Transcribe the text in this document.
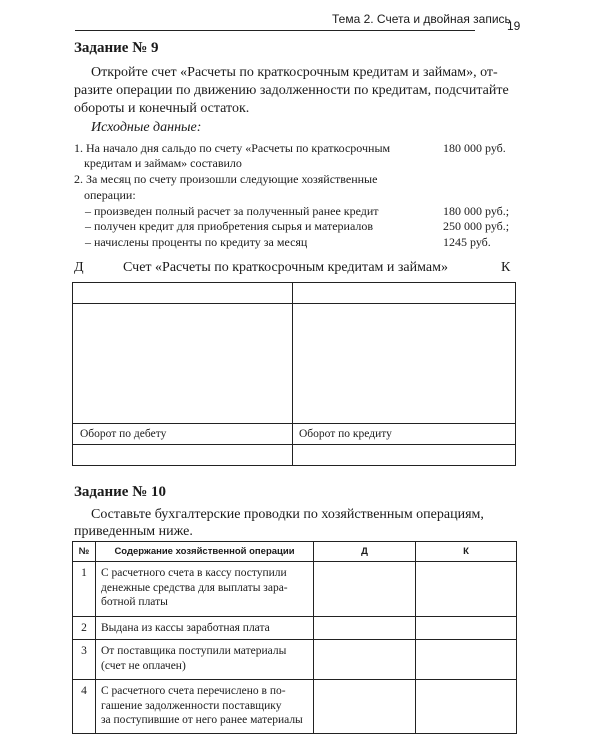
Тема 2. Счета и двойная запись
19
Задание № 9
Откройте счет «Расчеты по краткосрочным кредитам и займам», от-
разите операции по движению задолженности по кредитам, подсчитайте
обороты и конечный остаток.
Исходные данные:
1. На начало дня сальдо по счету «Расчеты по краткосрочным
кредитам и займам» составило
180 000 руб.
2. За месяц по счету произошли следующие хозяйственные
операции:
– произведен полный расчет за полученный ранее кредит	180 000 руб.;
– получен кредит для приобретения сырья и материалов	250 000 руб.;
– начислены проценты по кредиту за месяц	1245 руб.
Д	Счет «Расчеты по краткосрочным кредитам и займам»	К
Оборот по дебету	Оборот по кредиту
Задание № 10
Составьте бухгалтерские проводки по хозяйственным операциям,
приведенным ниже.
№	Содержание хозяйственной операции	Д	К
1	С расчетного счета в кассу поступили
денежные средства для выплаты зара-
ботной платы		
2	Выдана из кассы заработная плата		
3	От поставщика поступили материалы
(счет не оплачен)		
4	С расчетного счета перечислено в по-
гашение задолженности поставщику
за поступившие от него ранее материалы		
